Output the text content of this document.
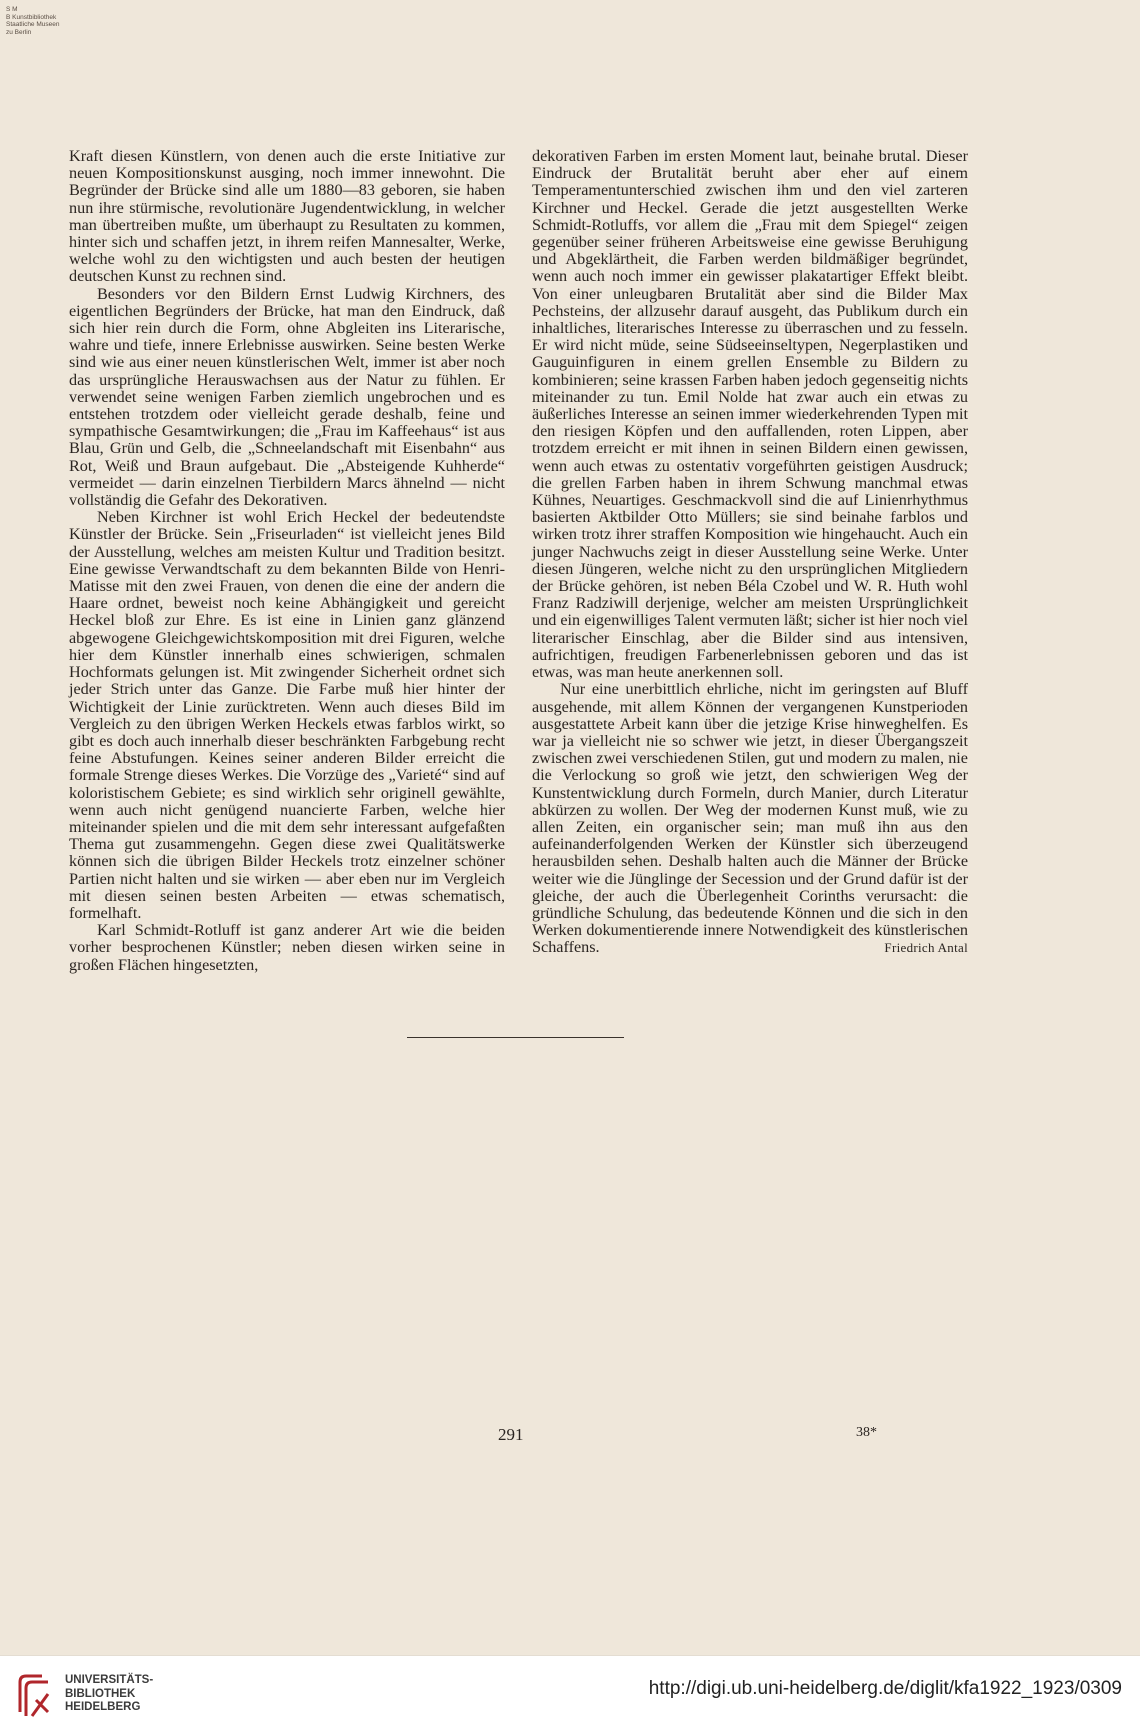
S M
B Kunstbibliothek
Staatliche Museen
zu Berlin

Kraft diesen Künstlern, von denen auch die erste Initiative zur neuen Kompositionskunst ausging, noch immer innewohnt. Die Begründer der Brücke sind alle um 1880—83 geboren, sie haben nun ihre stürmische, revolutionäre Jugendentwicklung, in welcher man übertreiben mußte, um überhaupt zu Resultaten zu kommen, hinter sich und schaffen jetzt, in ihrem reifen Mannesalter, Werke, welche wohl zu den wichtigsten und auch besten der heutigen deutschen Kunst zu rechnen sind.

Besonders vor den Bildern Ernst Ludwig Kirchners, des eigentlichen Begründers der Brücke, hat man den Eindruck, daß sich hier rein durch die Form, ohne Abgleiten ins Literarische, wahre und tiefe, innere Erlebnisse auswirken. Seine besten Werke sind wie aus einer neuen künstlerischen Welt, immer ist aber noch das ursprüngliche Herauswachsen aus der Natur zu fühlen. Er verwendet seine wenigen Farben ziemlich ungebrochen und es entstehen trotzdem oder vielleicht gerade deshalb, feine und sympathische Gesamtwirkungen; die „Frau im Kaffeehaus“ ist aus Blau, Grün und Gelb, die „Schneelandschaft mit Eisenbahn“ aus Rot, Weiß und Braun aufgebaut. Die „Absteigende Kuhherde“ vermeidet — darin einzelnen Tierbildern Marcs ähnelnd — nicht vollständig die Gefahr des Dekorativen.

Neben Kirchner ist wohl Erich Heckel der bedeutendste Künstler der Brücke. Sein „Friseurladen“ ist vielleicht jenes Bild der Ausstellung, welches am meisten Kultur und Tradition besitzt. Eine gewisse Verwandtschaft zu dem bekannten Bilde von Henri-Matisse mit den zwei Frauen, von denen die eine der andern die Haare ordnet, beweist noch keine Abhängigkeit und gereicht Heckel bloß zur Ehre. Es ist eine in Linien ganz glänzend abgewogene Gleichgewichtskomposition mit drei Figuren, welche hier dem Künstler innerhalb eines schwierigen, schmalen Hochformats gelungen ist. Mit zwingender Sicherheit ordnet sich jeder Strich unter das Ganze. Die Farbe muß hier hinter der Wichtigkeit der Linie zurücktreten. Wenn auch dieses Bild im Vergleich zu den übrigen Werken Heckels etwas farblos wirkt, so gibt es doch auch innerhalb dieser beschränkten Farbgebung recht feine Abstufungen. Keines seiner anderen Bilder erreicht die formale Strenge dieses Werkes. Die Vorzüge des „Varieté“ sind auf koloristischem Gebiete; es sind wirklich sehr originell gewählte, wenn auch nicht genügend nuancierte Farben, welche hier miteinander spielen und die mit dem sehr interessant aufgefaßten Thema gut zusammengehn. Gegen diese zwei Qualitätswerke können sich die übrigen Bilder Heckels trotz einzelner schöner Partien nicht halten und sie wirken — aber eben nur im Vergleich mit diesen seinen besten Arbeiten — etwas schematisch, formelhaft.

Karl Schmidt-Rotluff ist ganz anderer Art wie die beiden vorher besprochenen Künstler; neben diesen wirken seine in großen Flächen hingesetzten,

dekorativen Farben im ersten Moment laut, beinahe brutal. Dieser Eindruck der Brutalität beruht aber eher auf einem Temperamentunterschied zwischen ihm und den viel zarteren Kirchner und Heckel. Gerade die jetzt ausgestellten Werke Schmidt-Rotluffs, vor allem die „Frau mit dem Spiegel“ zeigen gegenüber seiner früheren Arbeitsweise eine gewisse Beruhigung und Abgeklärtheit, die Farben werden bildmäßiger begründet, wenn auch noch immer ein gewisser plakatartiger Effekt bleibt. Von einer unleugbaren Brutalität aber sind die Bilder Max Pechsteins, der allzusehr darauf ausgeht, das Publikum durch ein inhaltliches, literarisches Interesse zu überraschen und zu fesseln. Er wird nicht müde, seine Südseeinseltypen, Negerplastiken und Gauguinfiguren in einem grellen Ensemble zu Bildern zu kombinieren; seine krassen Farben haben jedoch gegenseitig nichts miteinander zu tun. Emil Nolde hat zwar auch ein etwas zu äußerliches Interesse an seinen immer wiederkehrenden Typen mit den riesigen Köpfen und den auffallenden, roten Lippen, aber trotzdem erreicht er mit ihnen in seinen Bildern einen gewissen, wenn auch etwas zu ostentativ vorgeführten geistigen Ausdruck; die grellen Farben haben in ihrem Schwung manchmal etwas Kühnes, Neuartiges. Geschmackvoll sind die auf Linienrhythmus basierten Aktbilder Otto Müllers; sie sind beinahe farblos und wirken trotz ihrer straffen Komposition wie hingehaucht. Auch ein junger Nachwuchs zeigt in dieser Ausstellung seine Werke. Unter diesen Jüngeren, welche nicht zu den ursprünglichen Mitgliedern der Brücke gehören, ist neben Béla Czobel und W. R. Huth wohl Franz Radziwill derjenige, welcher am meisten Ursprünglichkeit und ein eigenwilliges Talent vermuten läßt; sicher ist hier noch viel literarischer Einschlag, aber die Bilder sind aus intensiven, aufrichtigen, freudigen Farbenerlebnissen geboren und das ist etwas, was man heute anerkennen soll.

Nur eine unerbittlich ehrliche, nicht im geringsten auf Bluff ausgehende, mit allem Können der vergangenen Kunstperioden ausgestattete Arbeit kann über die jetzige Krise hinweghelfen. Es war ja vielleicht nie so schwer wie jetzt, in dieser Übergangszeit zwischen zwei verschiedenen Stilen, gut und modern zu malen, nie die Verlockung so groß wie jetzt, den schwierigen Weg der Kunstentwicklung durch Formeln, durch Manier, durch Literatur abkürzen zu wollen. Der Weg der modernen Kunst muß, wie zu allen Zeiten, ein organischer sein; man muß ihn aus den aufeinanderfolgenden Werken der Künstler sich überzeugend herausbilden sehen. Deshalb halten auch die Männer der Brücke weiter wie die Jünglinge der Secession und der Grund dafür ist der gleiche, der auch die Überlegenheit Corinths verursacht: die gründliche Schulung, das bedeutende Können und die sich in den Werken dokumentierende innere Notwendigkeit des künstlerischen Schaffens.	Friedrich Antal

291	38*
UNIVERSITÄTS-
BIBLIOTHEK
HEIDELBERG
http://digi.ub.uni-heidelberg.de/diglit/kfa1922_1923/0309
